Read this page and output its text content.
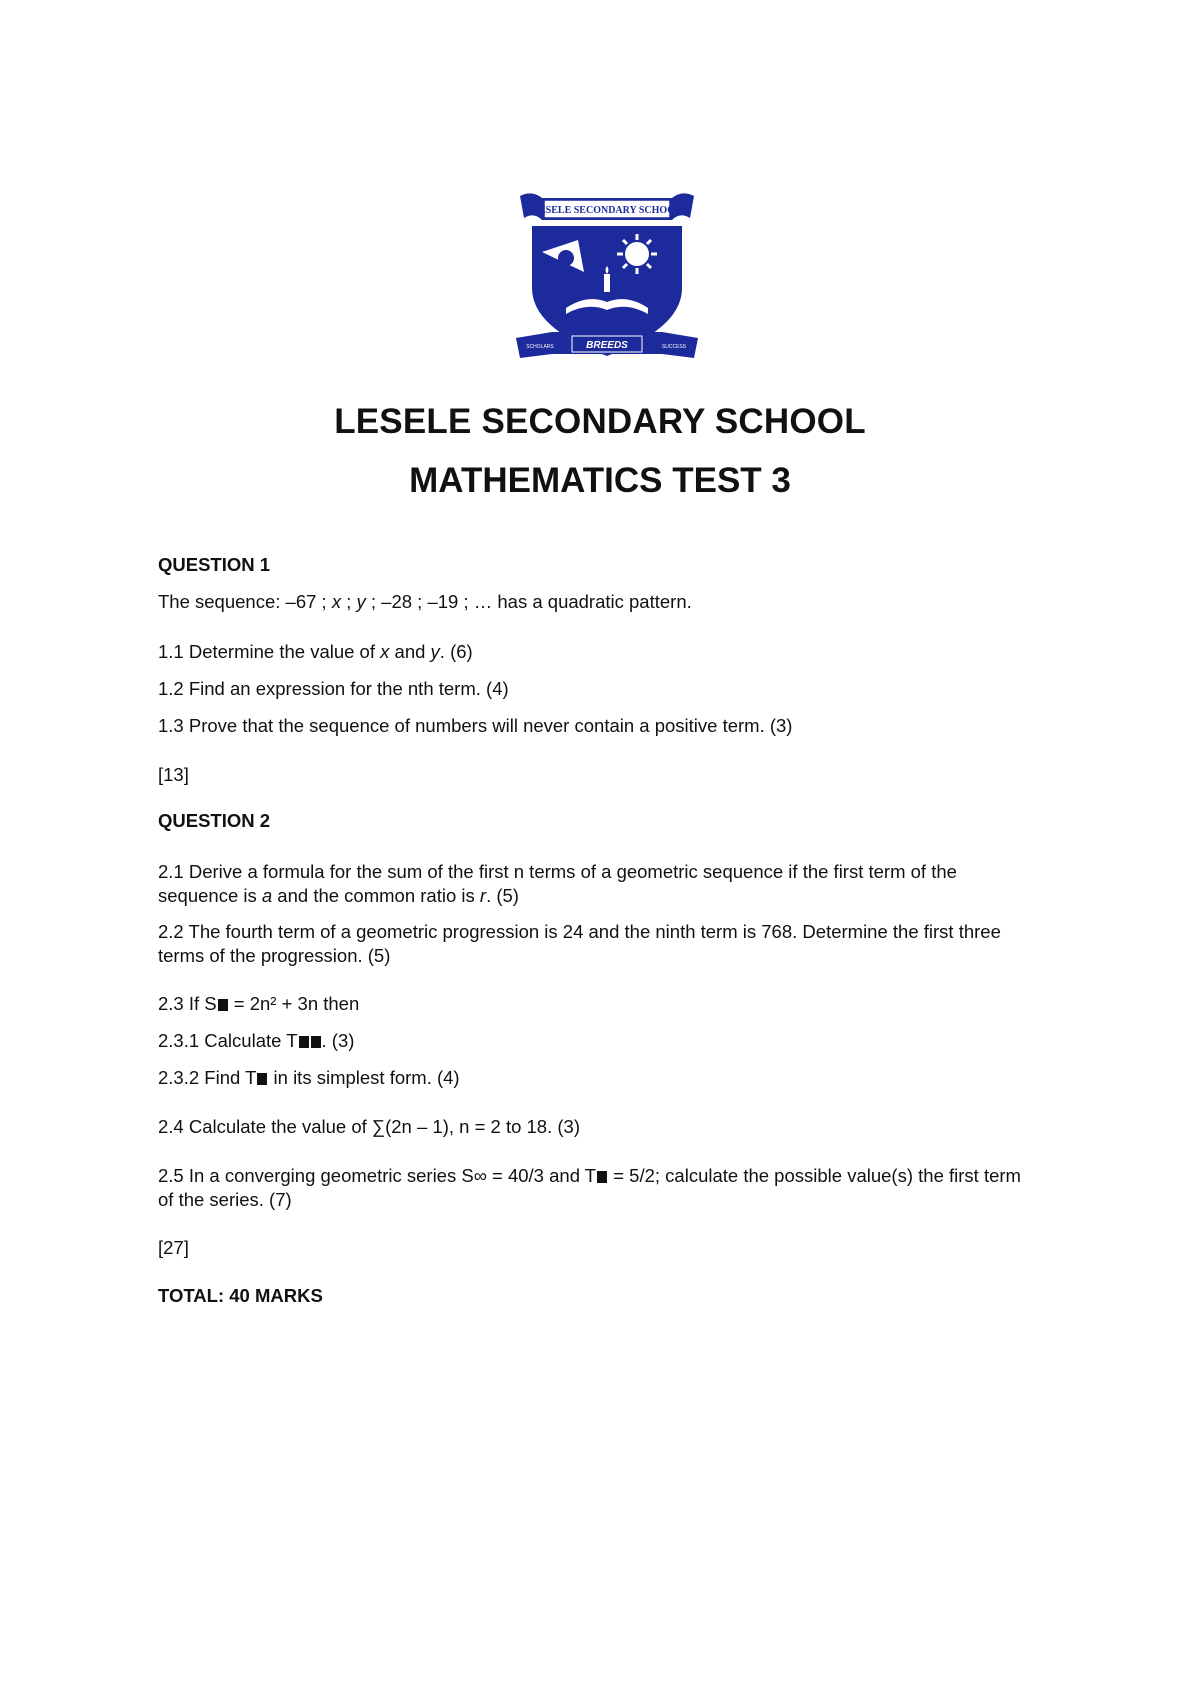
LESELE SECONDARY SCHOOL
BREEDS
SCHOLARS	SUCCESS
LESELE SECONDARY SCHOOL
MATHEMATICS TEST 3

QUESTION 1

The sequence: –67 ; x ; y ; –28 ; –19 ; … has a quadratic pattern.

1.1 Determine the value of x and y. (6)

1.2 Find an expression for the nth term. (4)

1.3 Prove that the sequence of numbers will never contain a positive term. (3)

[13]

QUESTION 2

2.1 Derive a formula for the sum of the first n terms of a geometric sequence if the first term of the sequence is a and the common ratio is r. (5)

2.2 The fourth term of a geometric progression is 24 and the ninth term is 768. Determine the first three terms of the progression. (5)

2.3 If S = 2n² + 3n then

2.3.1 Calculate T . (3)

2.3.2 Find T in its simplest form. (4)

2.4 Calculate the value of ∑(2n – 1), n = 2 to 18. (3)

2.5 In a converging geometric series S∞ = 40/3 and T = 5/2; calculate the possible value(s) the first term of the series. (7)

[27]

TOTAL: 40 MARKS
